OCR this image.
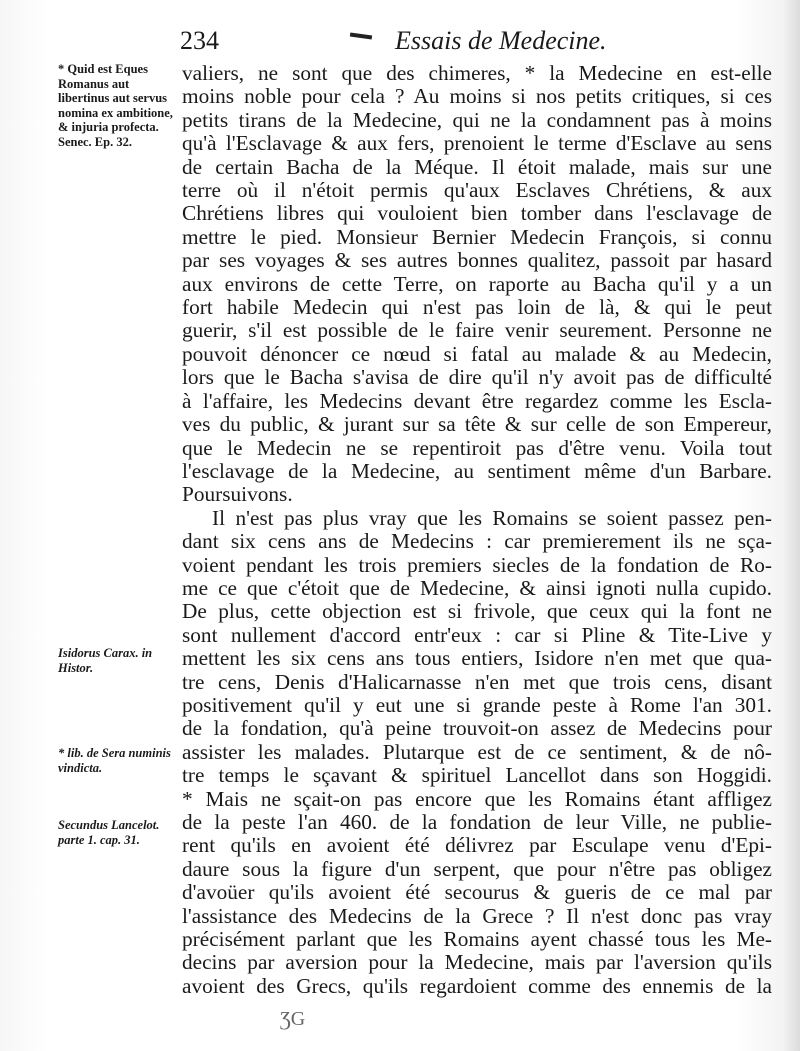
234	Essais de Medecine.
* Quid est Eques Romanus aut libertinus aut servus nomina ex ambitione, & injuria profecta. Senec. Ep. 32.
Isidorus Carax. in Histor.
* lib. de Sera numinis vindicta.
Secundus Lancelot. parte 1. cap. 31.
valiers, ne sont que des chimeres, * la Medecine en est-elle
moins noble pour cela ? Au moins si nos petits critiques, si ces
petits tirans de la Medecine, qui ne la condamnent pas à moins
qu'à l'Esclavage & aux fers, prenoient le terme d'Esclave au sens
de certain Bacha de la Méque. Il étoit malade, mais sur une
terre où il n'étoit permis qu'aux Esclaves Chrétiens, & aux
Chrétiens libres qui vouloient bien tomber dans l'esclavage de
mettre le pied. Monsieur Bernier Medecin François, si connu
par ses voyages & ses autres bonnes qualitez, passoit par hasard
aux environs de cette Terre, on raporte au Bacha qu'il y a un
fort habile Medecin qui n'est pas loin de là, & qui le peut
guerir, s'il est possible de le faire venir seurement. Personne ne
pouvoit dénoncer ce nœud si fatal au malade & au Medecin,
lors que le Bacha s'avisa de dire qu'il n'y avoit pas de difficulté
à l'affaire, les Medecins devant être regardez comme les Escla-
ves du public, & jurant sur sa tête & sur celle de son Empereur,
que le Medecin ne se repentiroit pas d'être venu. Voila tout
l'esclavage de la Medecine, au sentiment même d'un Barbare.
Poursuivons.
Il n'est pas plus vray que les Romains se soient passez pen-
dant six cens ans de Medecins : car premierement ils ne sça-
voient pendant les trois premiers siecles de la fondation de Ro-
me ce que c'étoit que de Medecine, & ainsi ignoti nulla cupido.
De plus, cette objection est si frivole, que ceux qui la font ne
sont nullement d'accord entr'eux : car si Pline & Tite-Live y
mettent les six cens ans tous entiers, Isidore n'en met que qua-
tre cens, Denis d'Halicarnasse n'en met que trois cens, disant
positivement qu'il y eut une si grande peste à Rome l'an 301.
de la fondation, qu'à peine trouvoit-on assez de Medecins pour
assister les malades. Plutarque est de ce sentiment, & de nô-
tre temps le sçavant & spirituel Lancellot dans son Hoggidi.
* Mais ne sçait-on pas encore que les Romains étant affligez
de la peste l'an 460. de la fondation de leur Ville, ne publie-
rent qu'ils en avoient été délivrez par Esculape venu d'Epi-
daure sous la figure d'un serpent, que pour n'être pas obligez
d'avoüer qu'ils avoient été secourus & gueris de ce mal par
l'assistance des Medecins de la Grece ? Il n'est donc pas vray
précisément parlant que les Romains ayent chassé tous les Me-
decins par aversion pour la Medecine, mais par l'aversion qu'ils
avoient des Grecs, qu'ils regardoient comme des ennemis de la
ƷG
